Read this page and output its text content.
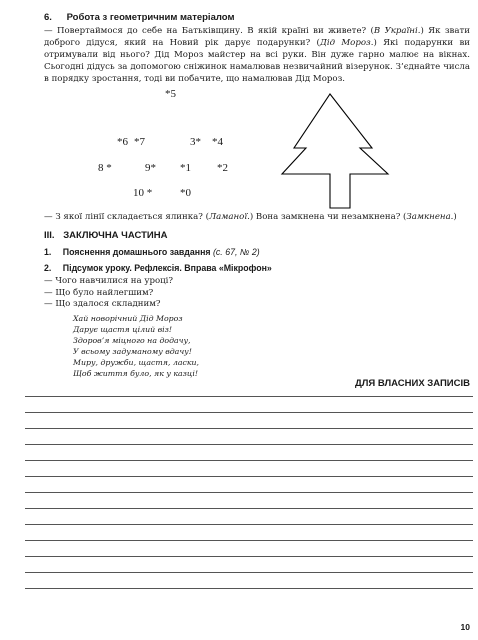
6. Робота з геометричним матеріалом
— Повертаймося до себе на Батьківщину. В якій країні ви живете? (В Україні.) Як звати доброго дідуся, який на Новий рік дарує подарунки? (Дід Мороз.) Які подарунки ви отримували від нього? Дід Мороз майстер на всі руки. Він дуже гарно малює на вікнах. Сьогодні дідусь за допомогою сніжинок намалював незвичайний візерунок. З’єднайте числа в порядку зростання, тоді ви побачите, що намалював Дід Мороз.
*5
*6 *7	3* *4
8 *	9* *1 *2
10 *	*0
— З якої лінії складається ялинка? (Ламаної.) Вона замкнена чи незамкнена? (Замкнена.)
III. ЗАКЛЮЧНА ЧАСТИНА
1. Пояснення домашнього завдання (с. 67, № 2)
2. Підсумок уроку. Рефлексія. Вправа «Мікрофон»
— Чого навчилися на уроці?
— Що було найлегшим?
— Що здалося складним?
Хай новорічний Дід Мороз
Дарує щастя цілий віз!
Здоров’я міцного на додачу,
У всьому задуманому вдачу!
Миру, дружби, щастя, ласки,
Щоб життя було, як у казці!
ДЛЯ ВЛАСНИХ ЗАПИСІВ
10
